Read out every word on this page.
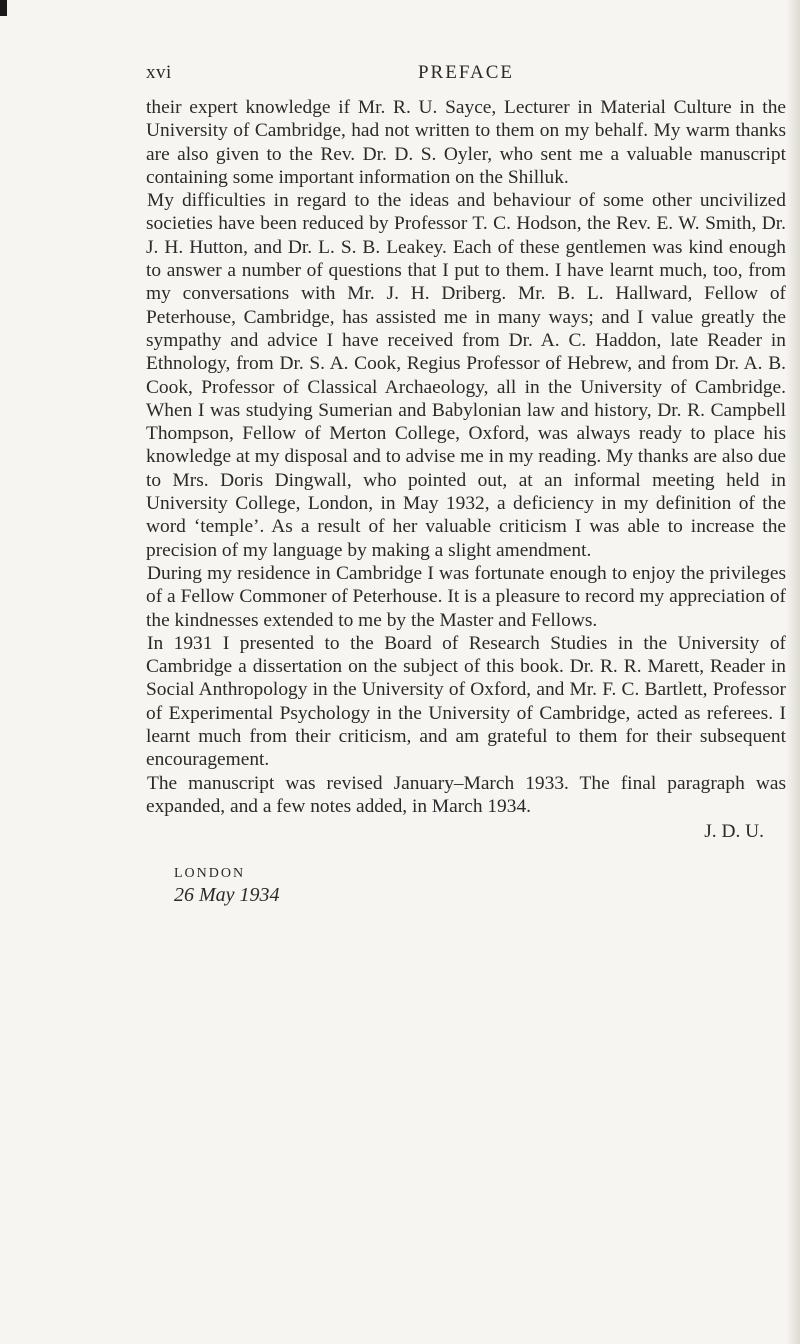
xvi	PREFACE

their expert knowledge if Mr. R. U. Sayce, Lecturer in Material Culture in the University of Cambridge, had not written to them on my behalf. My warm thanks are also given to the Rev. Dr. D. S. Oyler, who sent me a valuable manuscript containing some important information on the Shilluk.

My difficulties in regard to the ideas and behaviour of some other uncivilized societies have been reduced by Professor T. C. Hodson, the Rev. E. W. Smith, Dr. J. H. Hutton, and Dr. L. S. B. Leakey. Each of these gentlemen was kind enough to answer a number of questions that I put to them. I have learnt much, too, from my conversations with Mr. J. H. Driberg. Mr. B. L. Hallward, Fellow of Peterhouse, Cambridge, has assisted me in many ways; and I value greatly the sympathy and advice I have received from Dr. A. C. Haddon, late Reader in Ethnology, from Dr. S. A. Cook, Regius Professor of Hebrew, and from Dr. A. B. Cook, Professor of Classical Archaeology, all in the University of Cambridge. When I was studying Sumerian and Babylonian law and history, Dr. R. Campbell Thompson, Fellow of Merton College, Oxford, was always ready to place his knowledge at my disposal and to advise me in my reading. My thanks are also due to Mrs. Doris Dingwall, who pointed out, at an informal meeting held in University College, London, in May 1932, a deficiency in my definition of the word ‘temple’. As a result of her valuable criticism I was able to increase the precision of my language by making a slight amendment.

During my residence in Cambridge I was fortunate enough to enjoy the privileges of a Fellow Commoner of Peterhouse. It is a pleasure to record my appreciation of the kindnesses extended to me by the Master and Fellows.

In 1931 I presented to the Board of Research Studies in the University of Cambridge a dissertation on the subject of this book. Dr. R. R. Marett, Reader in Social Anthropology in the University of Oxford, and Mr. F. C. Bartlett, Professor of Experimental Psychology in the University of Cambridge, acted as referees. I learnt much from their criticism, and am grateful to them for their subsequent encouragement.

The manuscript was revised January–March 1933. The final paragraph was expanded, and a few notes added, in March 1934.

J. D. U.
LONDON
26 May 1934
